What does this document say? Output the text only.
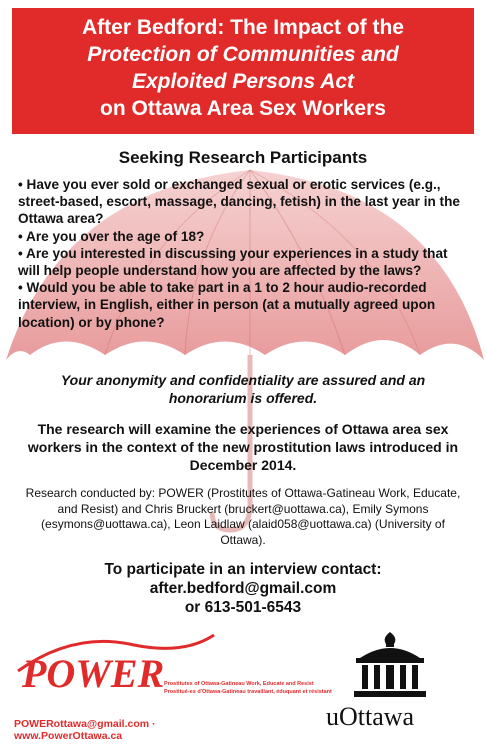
After Bedford: The Impact of the
Protection of Communities and
Exploited Persons Act
on Ottawa Area Sex Workers
Seeking Research Participants

• Have you ever sold or exchanged sexual or erotic services (e.g., street-based, escort, massage, dancing, fetish) in the last year in the Ottawa area?

• Are you over the age of 18?

• Are you interested in discussing your experiences in a study that will help people understand how you are affected by the laws?

• Would you be able to take part in a 1 to 2 hour audio-recorded interview, in English, either in person (at a mutually agreed upon location) or by phone?

Your anonymity and confidentiality are assured and an honorarium is offered.
The research will examine the experiences of Ottawa area sex workers in the context of the new prostitution laws introduced in December 2014.
Research conducted by: POWER (Prostitutes of Ottawa-Gatineau Work, Educate, and Resist) and Chris Bruckert (bruckert@uottawa.ca), Emily Symons (esymons@uottawa.ca), Leon Laidlaw (alaid058@uottawa.ca) (University of Ottawa).
To participate in an interview contact:
after.bedford@gmail.com
or 613-501-6543
POWER Prostitutes of Ottawa-Gatineau Work, Educate and Resist
Prostitué-es d'Ottawa-Gatineau travaillant, éduquant et résistant
POWERottawa@gmail.com · www.PowerOttawa.ca
uOttawa
